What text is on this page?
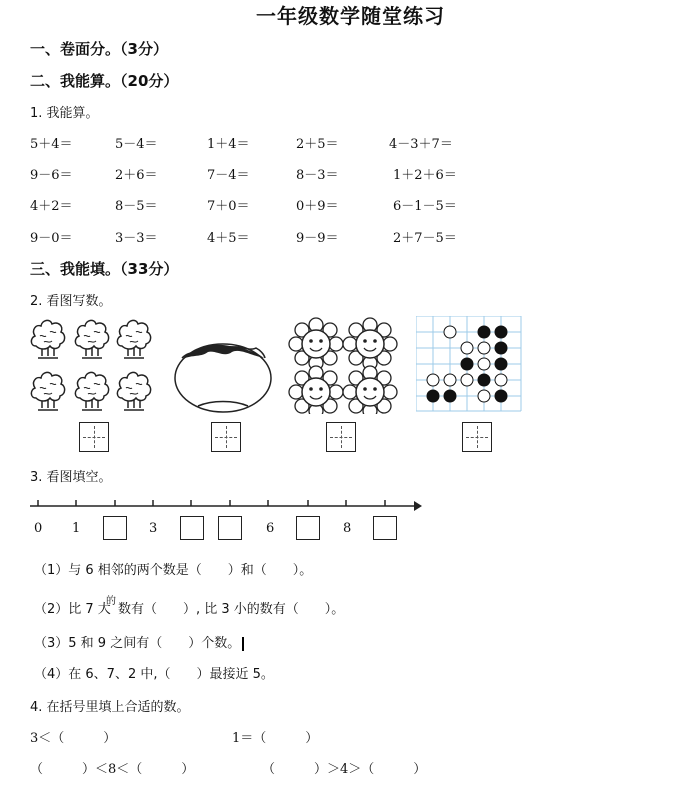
一年级数学随堂练习
一、卷面分。（3分）
二、我能算。（20分）
1. 我能算。
5＋4＝	5－4＝	1＋4＝	2＋5＝	4－3＋7＝
9－6＝	2＋6＝	7－4＝	8－3＝	1＋2＋6＝
4＋2＝	8－5＝	7＋0＝	0＋9＝	6－1－5＝
9－0＝	3－3＝	4＋5＝	9－9＝	2＋7－5＝
三、我能填。（33分）
2. 看图写数。
3. 看图填空。
0 1	3	6	8
（1）与 6 相邻的两个数是（　　）和（　　）。
（2）比 7 大
的
数有（　　）, 比 3 小的数有（　　）。
（3）5 和 9 之间有（　　）个数。
（4）在 6、7、2 中,（　　）最接近 5。
4. 在括号里填上合适的数。
3＜（　　　）	1＝（　　　）
（　　　）＜8＜（　　　）	（　　　）＞4＞（　　　）
